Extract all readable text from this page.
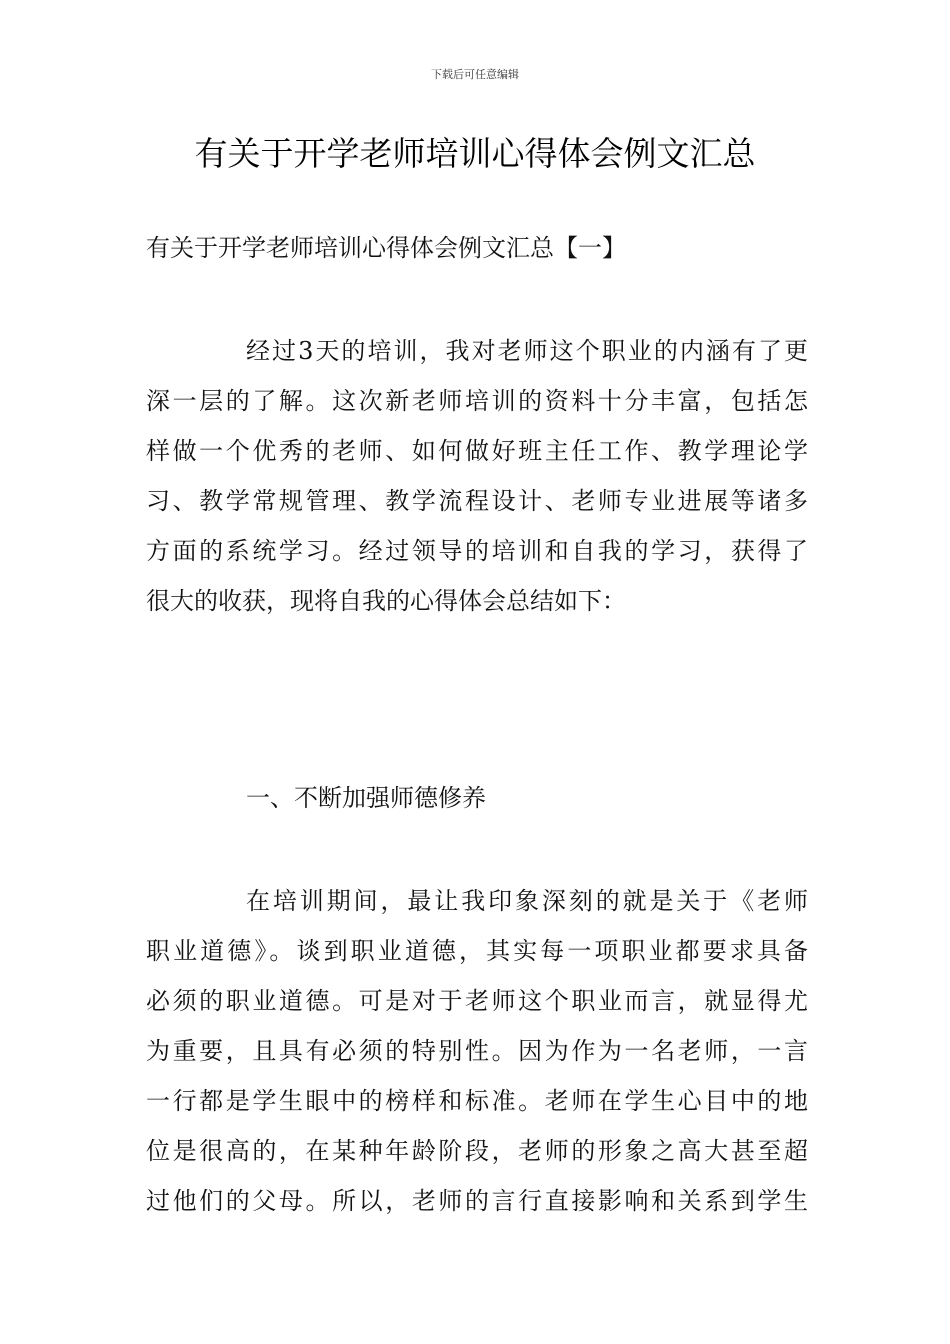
下载后可任意编辑
有关于开学老师培训心得体会例文汇总
有关于开学老师培训心得体会例文汇总【一】
经过3天的培训，我对老师这个职业的内涵有了更
深一层的了解。这次新老师培训的资料十分丰富，包括怎
样做一个优秀的老师、如何做好班主任工作、教学理论学
习、教学常规管理、教学流程设计、老师专业进展等诸多
方面的系统学习。经过领导的培训和自我的学习，获得了
很大的收获，现将自我的心得体会总结如下：
一、不断加强师德修养
在培训期间，最让我印象深刻的就是关于《老师
职业道德》。谈到职业道德，其实每一项职业都要求具备
必须的职业道德。可是对于老师这个职业而言，就显得尤
为重要，且具有必须的特别性。因为作为一名老师，一言
一行都是学生眼中的榜样和标准。老师在学生心目中的地
位是很高的，在某种年龄阶段，老师的形象之高大甚至超
过他们的父母。所以，老师的言行直接影响和关系到学生
